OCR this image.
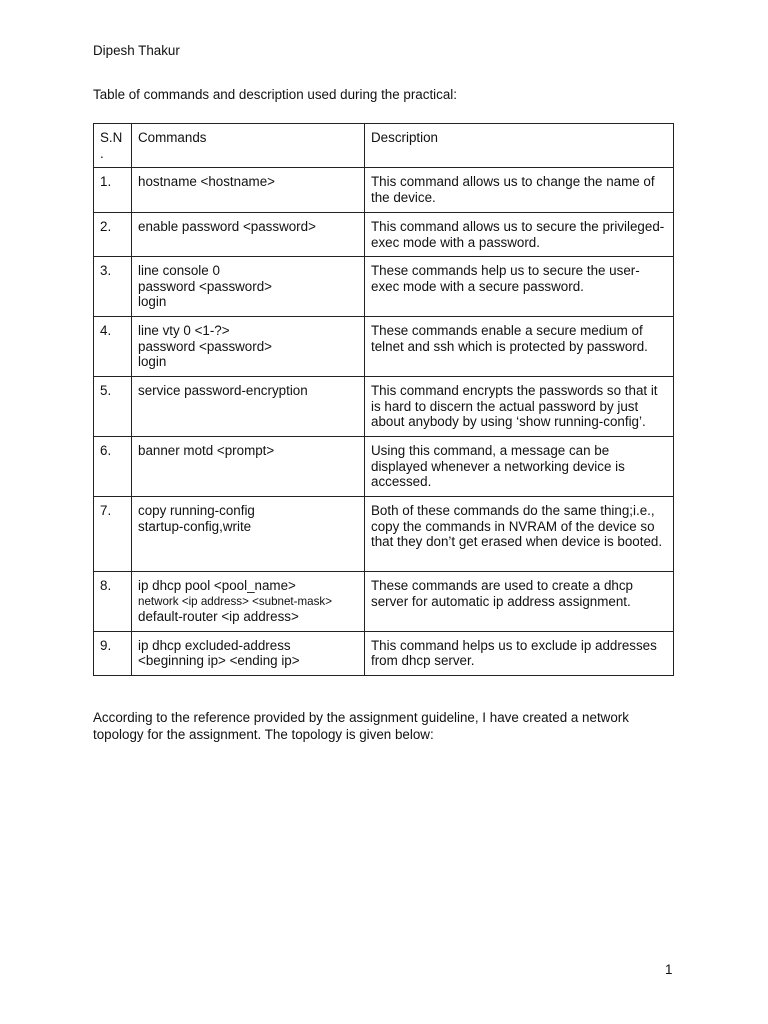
Dipesh Thakur
Table of commands and description used during the practical:
S.N
.	Commands	Description
1.	hostname <hostname>	This command allows us to change the name of the device.
2.	enable password <password>	This command allows us to secure the privileged-exec mode with a password.
3.	line console 0
password <password>
login	These commands help us to secure the user-exec mode with a secure password.
4.	line vty 0 <1-?>
password <password>
login	These commands enable a secure medium of telnet and ssh which is protected by password.
5.	service password-encryption	This command encrypts the passwords so that it is hard to discern the actual password by just about anybody by using ‘show running-config’.
6.	banner motd <prompt>	Using this command, a message can be displayed whenever a networking device is accessed.
7.	copy running-config
startup-config,write	Both of these commands do the same thing;i.e., copy the commands in NVRAM of the device so that they don’t get erased when device is booted.
8.	ip dhcp pool <pool_name>
network <ip address> <subnet-mask>
default-router <ip address>	These commands are used to create a dhcp server for automatic ip address assignment.
9.	ip dhcp excluded-address
<beginning ip> <ending ip>	This command helps us to exclude ip addresses from dhcp server.
According to the reference provided by the assignment guideline, I have created a network topology for the assignment. The topology is given below:
1
